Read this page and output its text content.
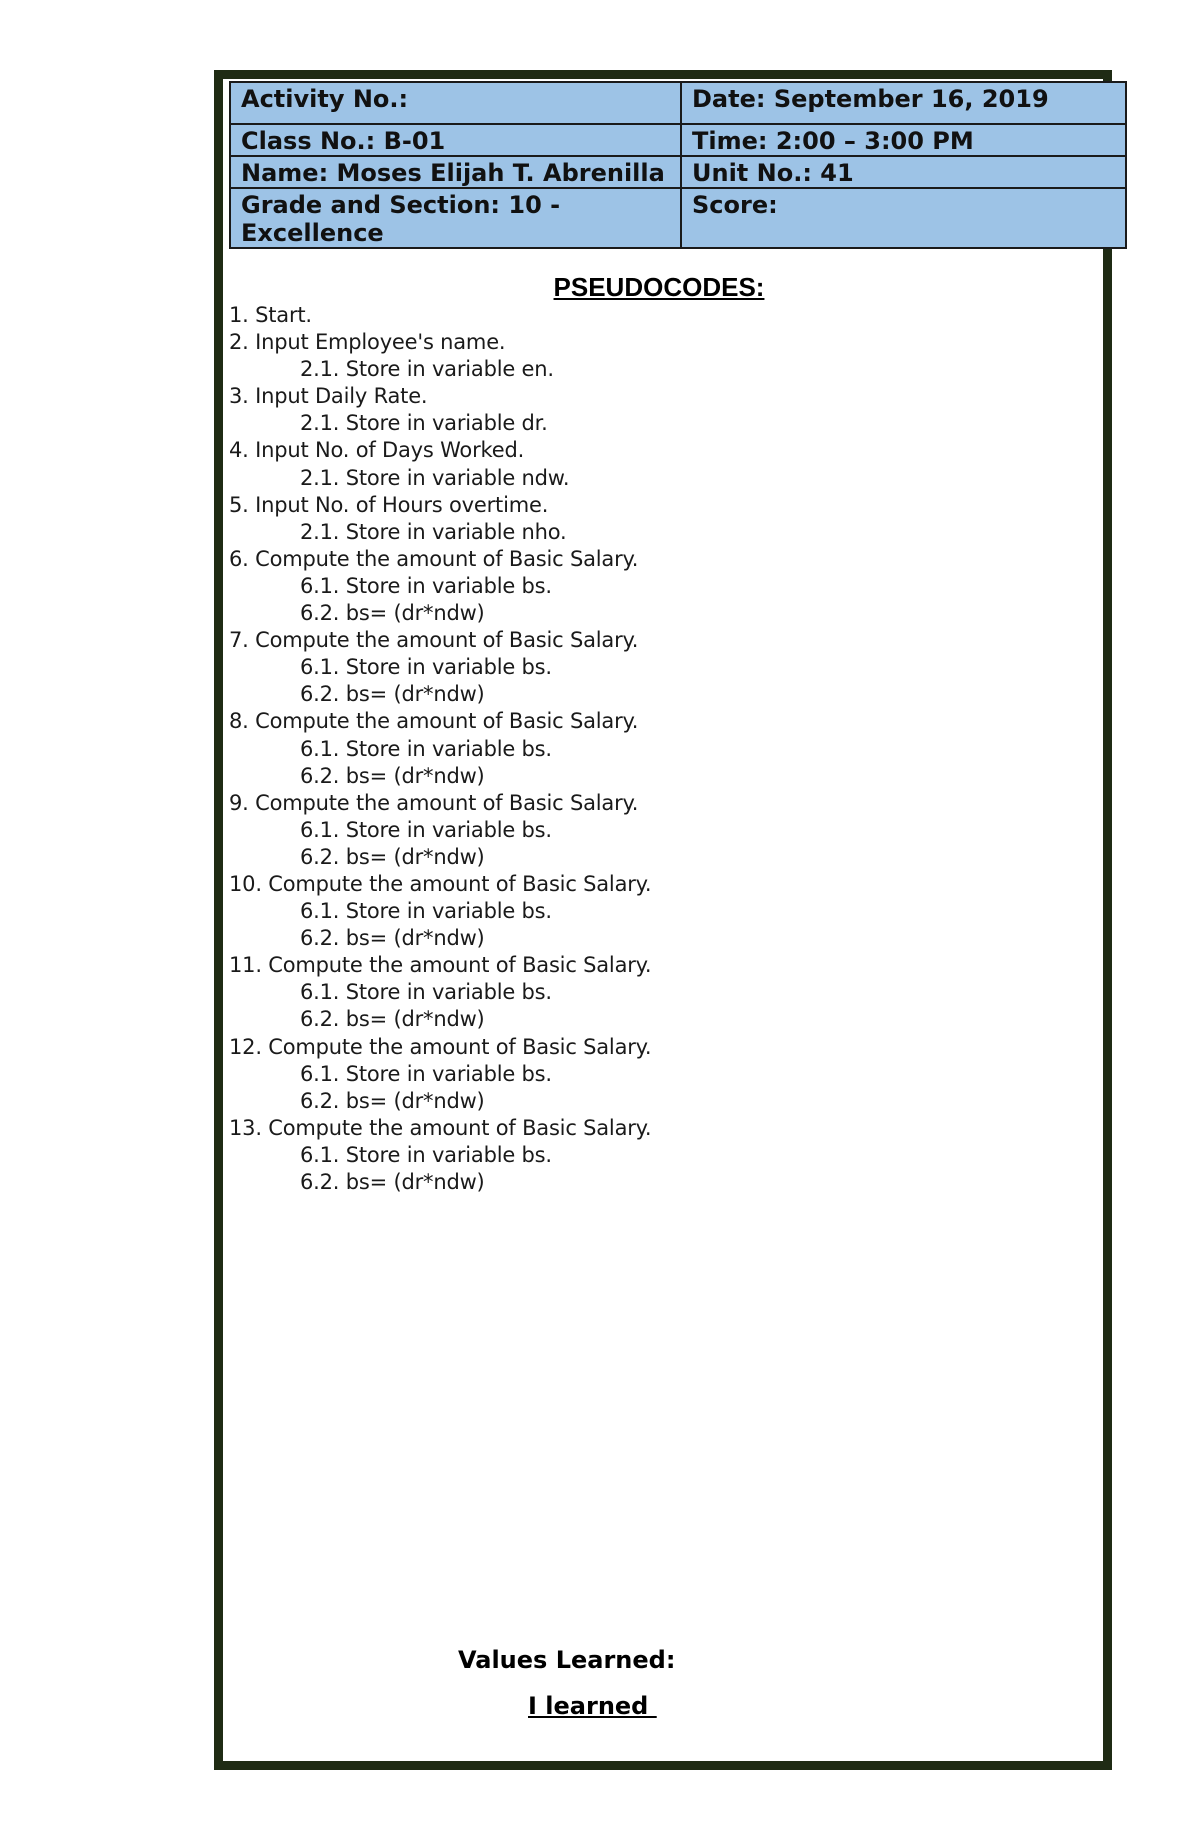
Activity No.:	Date: September 16, 2019
Class No.: B-01	Time: 2:00 – 3:00 PM
Name: Moses Elijah T. Abrenilla	Unit No.: 41
Grade and Section: 10 - Excellence	Score:
PSEUDOCODES:
1. Start.
2. Input Employee's name.
2.1. Store in variable en.
3. Input Daily Rate.
2.1. Store in variable dr.
4. Input No. of Days Worked.
2.1. Store in variable ndw.
5. Input No. of Hours overtime.
2.1. Store in variable nho.
6. Compute the amount of Basic Salary.
6.1. Store in variable bs.
6.2. bs= (dr*ndw)
7. Compute the amount of Basic Salary.
6.1. Store in variable bs.
6.2. bs= (dr*ndw)
8. Compute the amount of Basic Salary.
6.1. Store in variable bs.
6.2. bs= (dr*ndw)
9. Compute the amount of Basic Salary.
6.1. Store in variable bs.
6.2. bs= (dr*ndw)
10. Compute the amount of Basic Salary.
6.1. Store in variable bs.
6.2. bs= (dr*ndw)
11. Compute the amount of Basic Salary.
6.1. Store in variable bs.
6.2. bs= (dr*ndw)
12. Compute the amount of Basic Salary.
6.1. Store in variable bs.
6.2. bs= (dr*ndw)
13. Compute the amount of Basic Salary.
6.1. Store in variable bs.
6.2. bs= (dr*ndw)

Values Learned:

I learned
